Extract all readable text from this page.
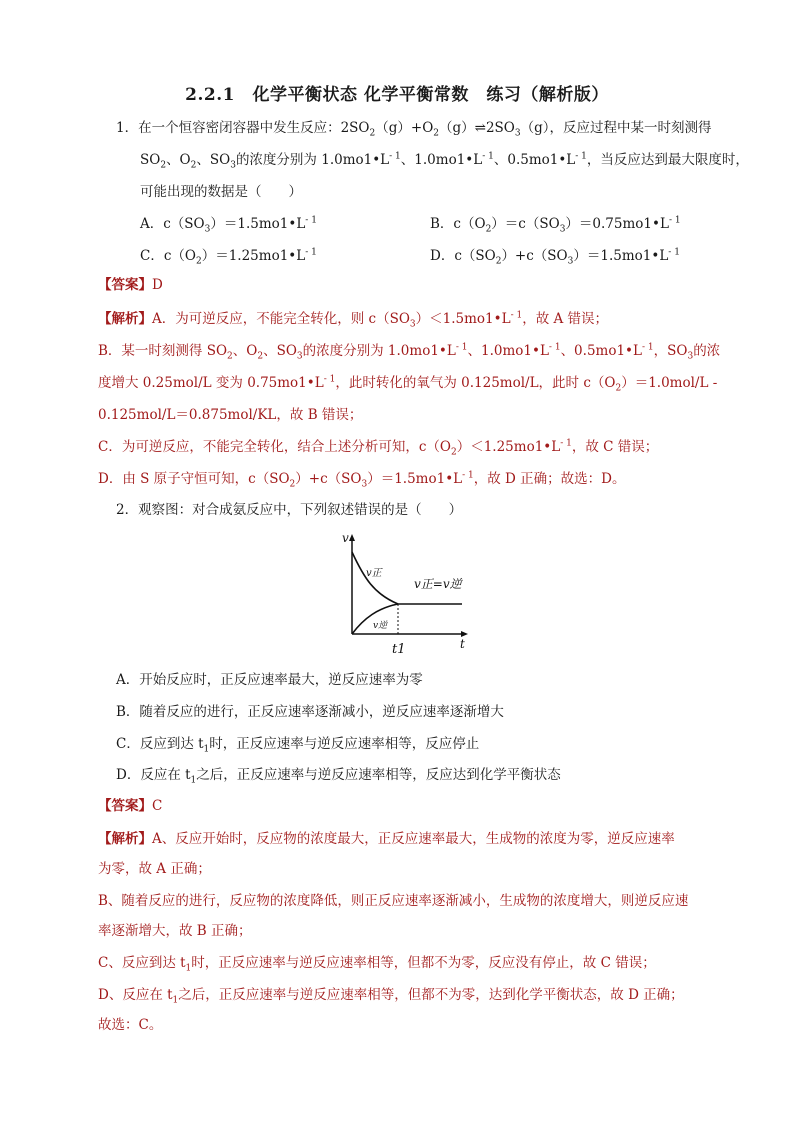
2.2.1　化学平衡状态 化学平衡常数　练习（解析版）
1．在一个恒容密闭容器中发生反应：$2SO_2(g)+O_2(g)\rightleftharpoons 2SO_3(g)$，反应过程中某一时刻测得
$SO_2$、$O_2$、$SO_3$的浓度分别为 $1.0mo1•L^{- 1}$、$1.0mo1•L^{- 1}$、$0.5mo1•L^{- 1}$，当反应达到最大限度时，
可能出现的数据是（　　）
A．$c(SO_3)=1.5mo1•L^{- 1}$	B．$c(O_2)=c(SO_3)=0.75mo1•L^{- 1}$
C．$c(O_2)=1.25mo1•L^{- 1}$	D．$c(SO_2)+c(SO_3)=1.5mo1•L^{- 1}$
【答案】D
【解析】A．为可逆反应，不能完全转化，则 $c(SO_3)<1.5mo1•L^{- 1}$，故 A 错误；
B．某一时刻测得 $SO_2$、$O_2$、$SO_3$的浓度分别为 $1.0mo1•L^{- 1}$、$1.0mo1•L^{- 1}$、$0.5mo1•L^{- 1}$，$SO_3$的浓
度增大 0.25mol/L 变为 $0.75mo1•L^{- 1}$，此时转化的氧气为 0.125mol/L，此时 $c(O_2)=1.0mol/L$ -
0.125mol/L＝0.875mol/KL，故 B 错误；
C．为可逆反应，不能完全转化，结合上述分析可知，$c(O_2)<1.25mo1•L^{- 1}$，故 C 错误；
D．由 S 原子守恒可知，$c(SO_2)+c(SO_3)=1.5mo1•L^{- 1}$，故 D 正确；故选：D。
2．观察图：对合成氨反应中，下列叙述错误的是（　　）
v
t
v正
v逆
v正=v逆
t1
A．开始反应时，正反应速率最大，逆反应速率为零
B．随着反应的进行，正反应速率逐渐减小，逆反应速率逐渐增大
C．反应到达 $t_1$时，正反应速率与逆反应速率相等，反应停止
D．反应在 $t_1$之后，正反应速率与逆反应速率相等，反应达到化学平衡状态
【答案】C
【解析】A、反应开始时，反应物的浓度最大，正反应速率最大，生成物的浓度为零，逆反应速率
为零，故 A 正确；
B、随着反应的进行，反应物的浓度降低，则正反应速率逐渐减小，生成物的浓度增大，则逆反应速
率逐渐增大，故 B 正确；
C、反应到达 $t_1$时，正反应速率与逆反应速率相等，但都不为零，反应没有停止，故 C 错误；
D、反应在 $t_1$之后，正反应速率与逆反应速率相等，但都不为零，达到化学平衡状态，故 D 正确；
故选：C。
